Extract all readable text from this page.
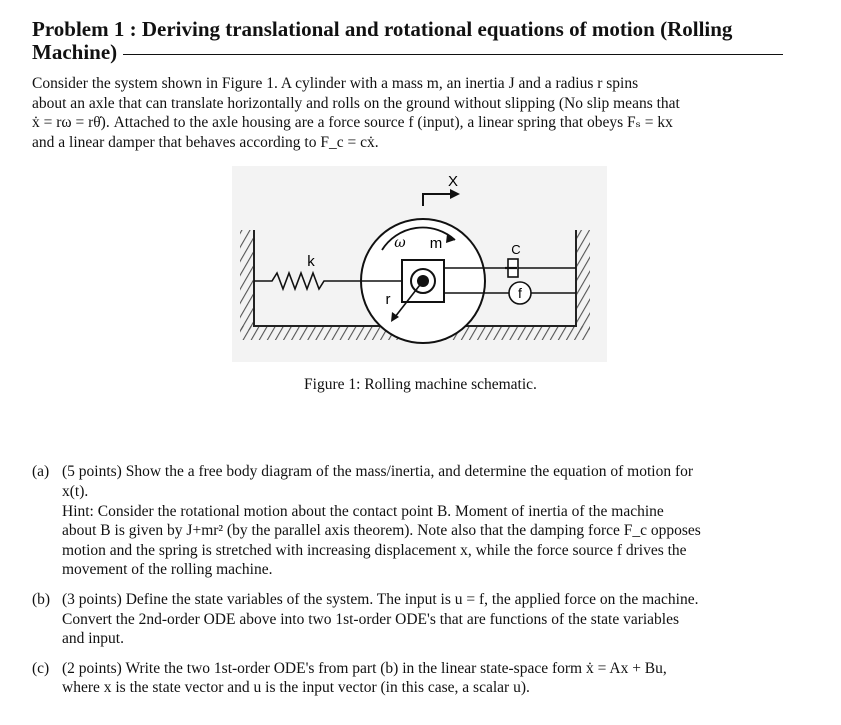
Problem 1 : Deriving translational and rotational equations of motion (Rolling
Machine)
Consider the system shown in Figure 1. A cylinder with a mass m, an inertia J and a radius r spins
about an axle that can translate horizontally and rolls on the ground without slipping (No slip means that
ẋ = rω = rθ̇). Attached to the axle housing are a force source f (input), a linear spring that obeys Fₛ = kx
and a linear damper that behaves according to F_c = cẋ.
X
k
ω m	C
f
r
Figure 1: Rolling machine schematic.
(a) (5 points) Show the a free body diagram of the mass/inertia, and determine the equation of motion for
x(t).
Hint: Consider the rotational motion about the contact point B. Moment of inertia of the machine
about B is given by J+mr² (by the parallel axis theorem). Note also that the damping force F_c opposes
motion and the spring is stretched with increasing displacement x, while the force source f drives the
movement of the rolling machine.
(b) (3 points) Define the state variables of the system. The input is u = f, the applied force on the machine.
Convert the 2nd-order ODE above into two 1st-order ODE's that are functions of the state variables
and input.
(c) (2 points) Write the two 1st-order ODE's from part (b) in the linear state-space form ẋ = Ax + Bu,
where x is the state vector and u is the input vector (in this case, a scalar u).
